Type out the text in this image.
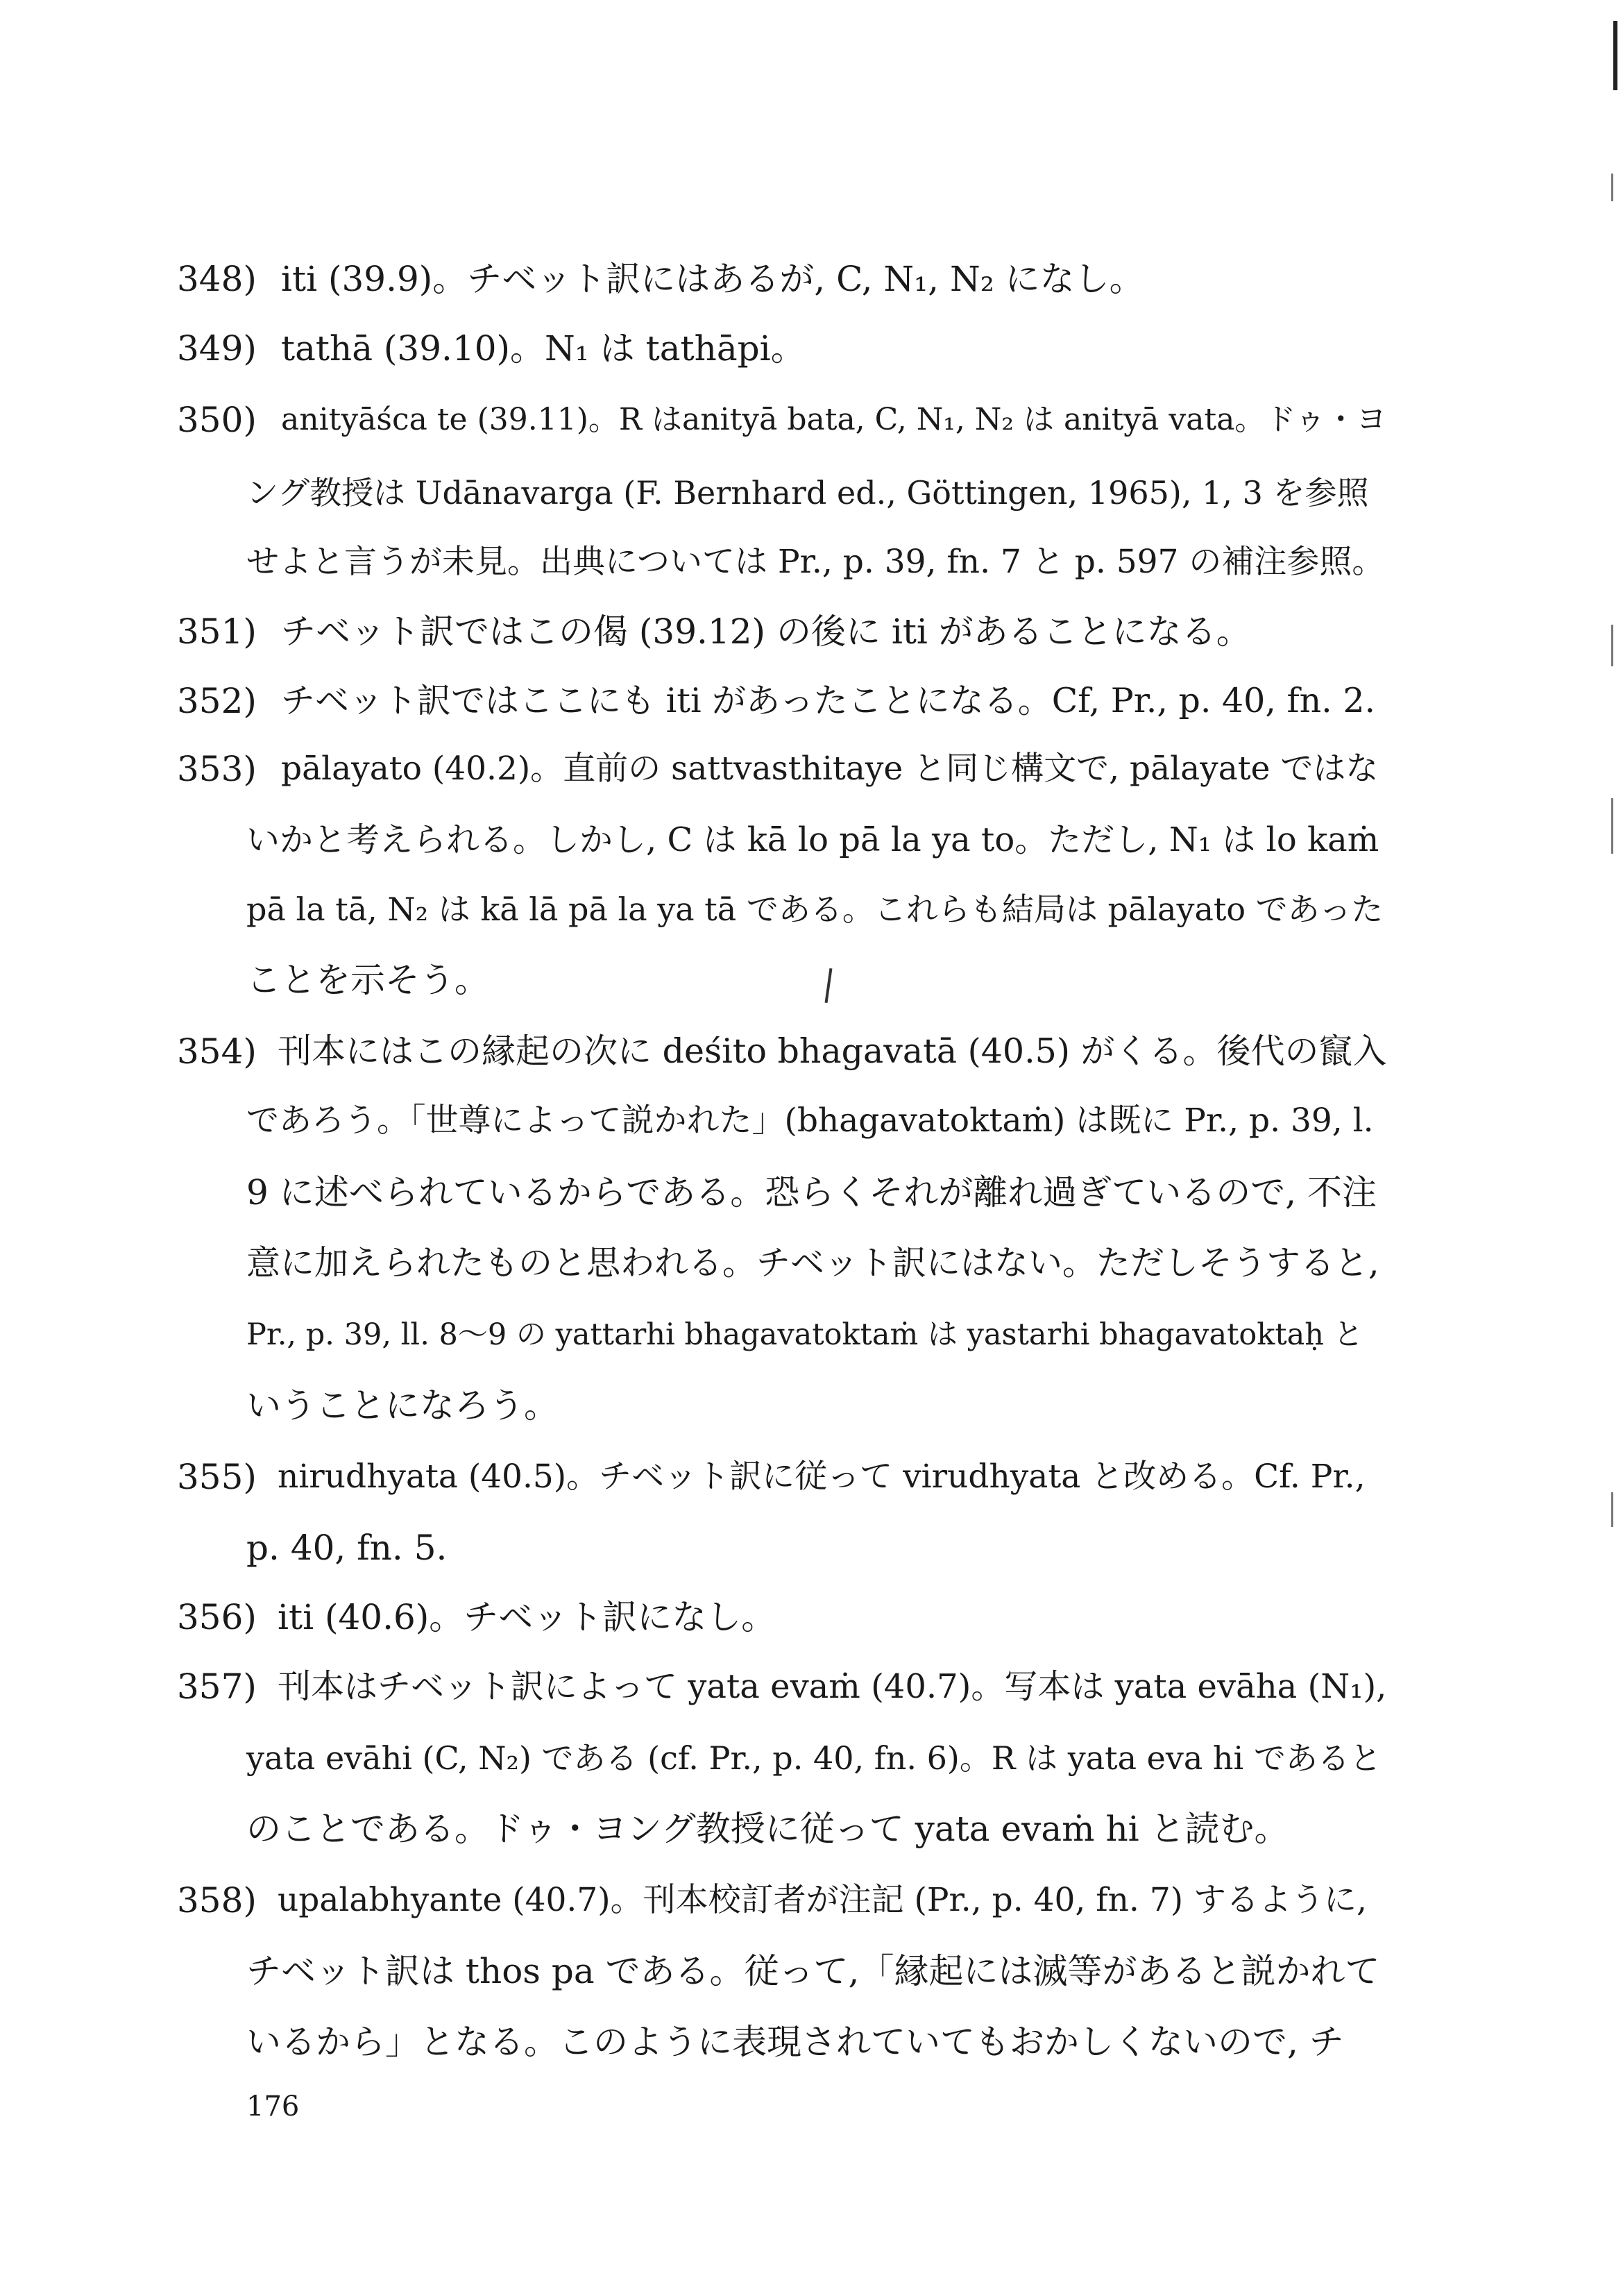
348) iti (39.9)。チベット訳にはあるが, C, N₁, N₂ になし。
349) tathā (39.10)。N₁ は tathāpi。
350) anityāśca te (39.11)。R はanityā bata, C, N₁, N₂ は anityā vata。ドゥ・ヨ
ング教授は Udānavarga (F. Bernhard ed., Göttingen, 1965), 1, 3 を参照
せよと言うが未見。出典については Pr., p. 39, fn. 7 と p. 597 の補注参照。
351) チベット訳ではこの偈 (39.12) の後に iti があることになる。
352) チベット訳ではここにも iti があったことになる。Cf, Pr., p. 40, fn. 2.
353) pālayato (40.2)。直前の sattvasthitaye と同じ構文で, pālayate ではな
いかと考えられる。しかし, C は kā lo pā la ya to。ただし, N₁ は lo kaṁ
pā la tā, N₂ は kā lā pā la ya tā である。これらも結局は pālayato であった
ことを示そう。
354) 刊本にはこの縁起の次に deśito bhagavatā (40.5) がくる。後代の竄入
であろう。「世尊によって説かれた」(bhagavatoktaṁ) は既に Pr., p. 39, l.
9 に述べられているからである。恐らくそれが離れ過ぎているので, 不注
意に加えられたものと思われる。チベット訳にはない。ただしそうすると,
Pr., p. 39, ll. 8〜9 の yattarhi bhagavatoktaṁ は yastarhi bhagavatoktaḥ と
いうことになろう。
355) nirudhyata (40.5)。チベット訳に従って virudhyata と改める。Cf. Pr.,
p. 40, fn. 5.
356) iti (40.6)。チベット訳になし。
357) 刊本はチベット訳によって yata evaṁ (40.7)。写本は yata evāha (N₁),
yata evāhi (C, N₂) である (cf. Pr., p. 40, fn. 6)。R は yata eva hi であると
のことである。ドゥ・ヨング教授に従って yata evaṁ hi と読む。
358) upalabhyante (40.7)。刊本校訂者が注記 (Pr., p. 40, fn. 7) するように,
チベット訳は thos pa である。従って,「縁起には滅等があると説かれて
いるから」となる。このように表現されていてもおかしくないので, チ
176
